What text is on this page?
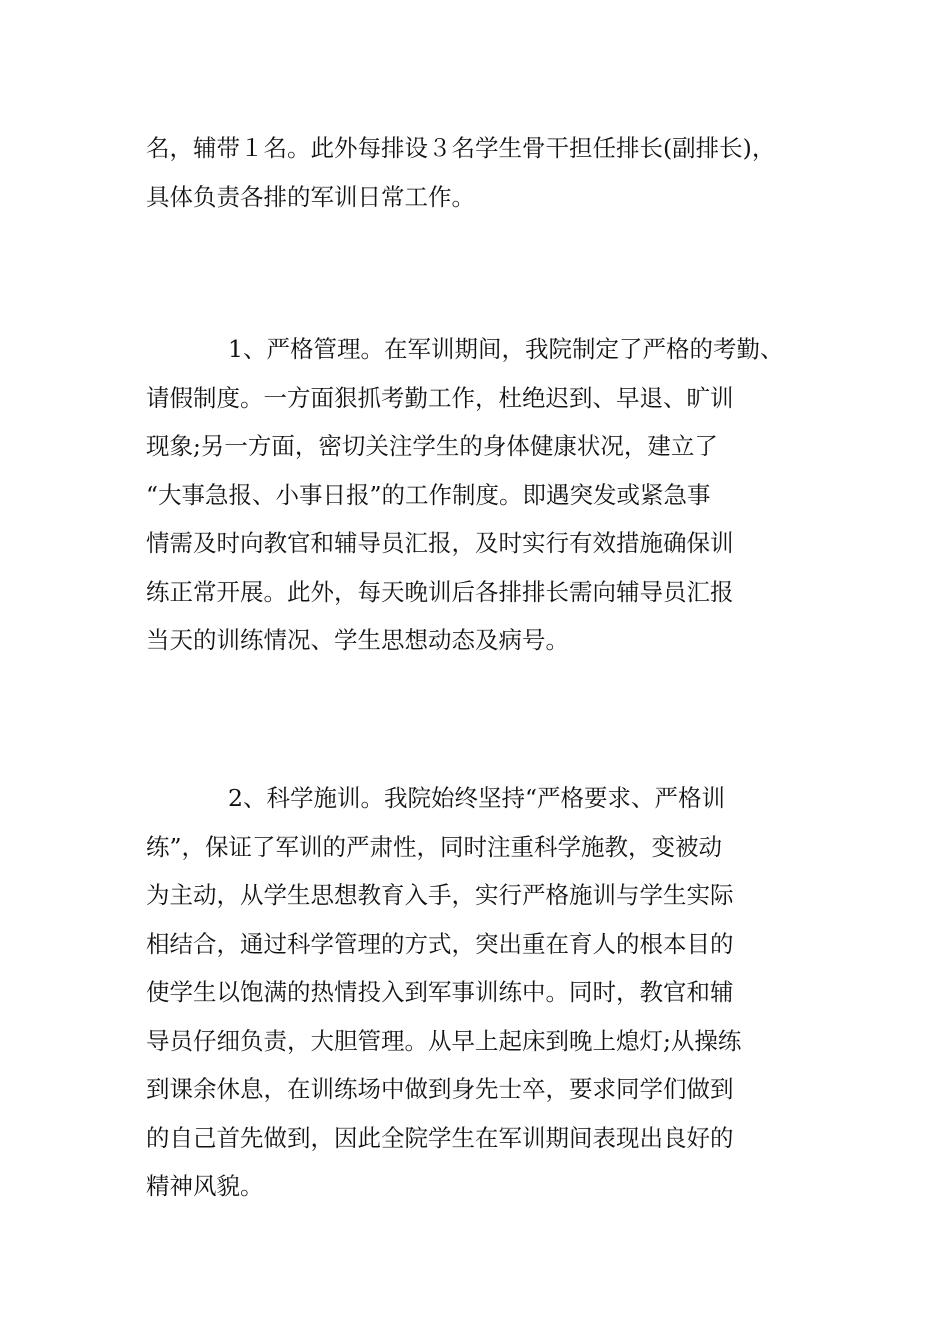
名，辅带１名。此外每排设３名学生骨干担任排长(副排长)，
具体负责各排的军训日常工作。
1、严格管理。在军训期间，我院制定了严格的考勤、
请假制度。一方面狠抓考勤工作，杜绝迟到、早退、旷训
现象;另一方面，密切关注学生的身体健康状况，建立了
“大事急报、小事日报”的工作制度。即遇突发或紧急事
情需及时向教官和辅导员汇报，及时实行有效措施确保训
练正常开展。此外，每天晚训后各排排长需向辅导员汇报
当天的训练情况、学生思想动态及病号。
2、科学施训。我院始终坚持“严格要求、严格训
练”，保证了军训的严肃性，同时注重科学施教，变被动
为主动，从学生思想教育入手，实行严格施训与学生实际
相结合，通过科学管理的方式，突出重在育人的根本目的
使学生以饱满的热情投入到军事训练中。同时，教官和辅
导员仔细负责，大胆管理。从早上起床到晚上熄灯;从操练
到课余休息，在训练场中做到身先士卒，要求同学们做到
的自己首先做到，因此全院学生在军训期间表现出良好的
精神风貌。
